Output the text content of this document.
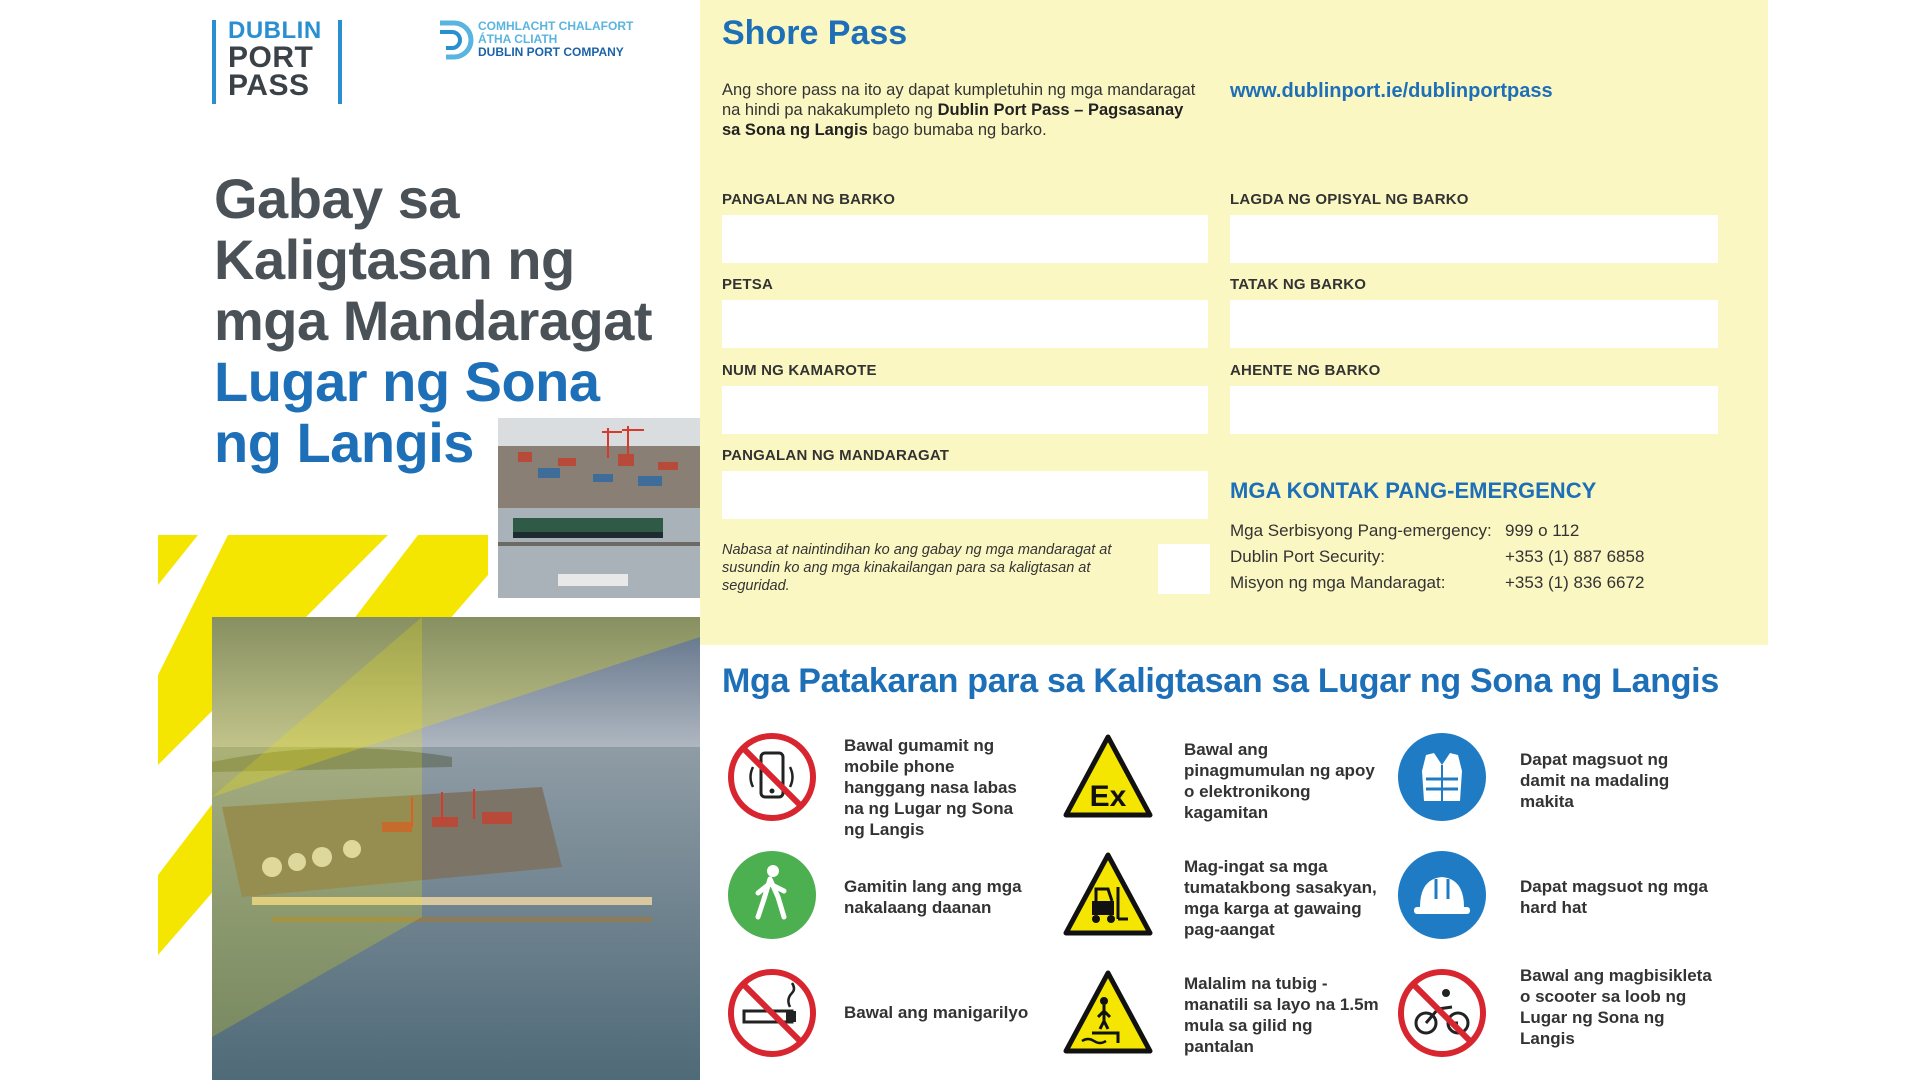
DUBLIN
PORT
PASS
COMHLACHT CHALAFORT
ÁTHA CLIATH
DUBLIN PORT COMPANY
Gabay sa
Kaligtasan ng
mga Mandaragat
Lugar ng Sona
ng Langis
Shore Pass
Ang shore pass na ito ay dapat kumpletuhin ng mga mandaragat na hindi pa nakakumpleto ng Dublin Port Pass – Pagsasanay sa Sona ng Langis bago bumaba ng barko.
www.dublinport.ie/dublinportpass
PANGALAN NG BARKO
PETSA
NUM NG KAMAROTE
PANGALAN NG MANDARAGAT
LAGDA NG OPISYAL NG BARKO
TATAK NG BARKO
AHENTE NG BARKO
Nabasa at naintindihan ko ang gabay ng mga mandaragat at susundin ko ang mga kinakailangan para sa kaligtasan at seguridad.
MGA KONTAK PANG-EMERGENCY
Mga Serbisyong Pang-emergency: 999 o 112
Dublin Port Security:	+353 (1) 887 6858
Misyon ng mga Mandaragat:	+353 (1) 836 6672
Mga Patakaran para sa Kaligtasan sa Lugar ng Sona ng Langis
Bawal gumamit ng mobile phone hanggang nasa labas na ng Lugar ng Sona ng Langis
Ex
Bawal ang pinagmumulan ng apoy o elektronikong kagamitan
Dapat magsuot ng damit na madaling makita
Gamitin lang ang mga nakalaang daanan
Mag-ingat sa mga tumatakbong sasakyan, mga karga at gawaing pag-aangat
Dapat magsuot ng mga hard hat
Bawal ang manigarilyo
Malalim na tubig - manatili sa layo na 1.5m mula sa gilid ng pantalan
Bawal ang magbisikleta o scooter sa loob ng Lugar ng Sona ng Langis
